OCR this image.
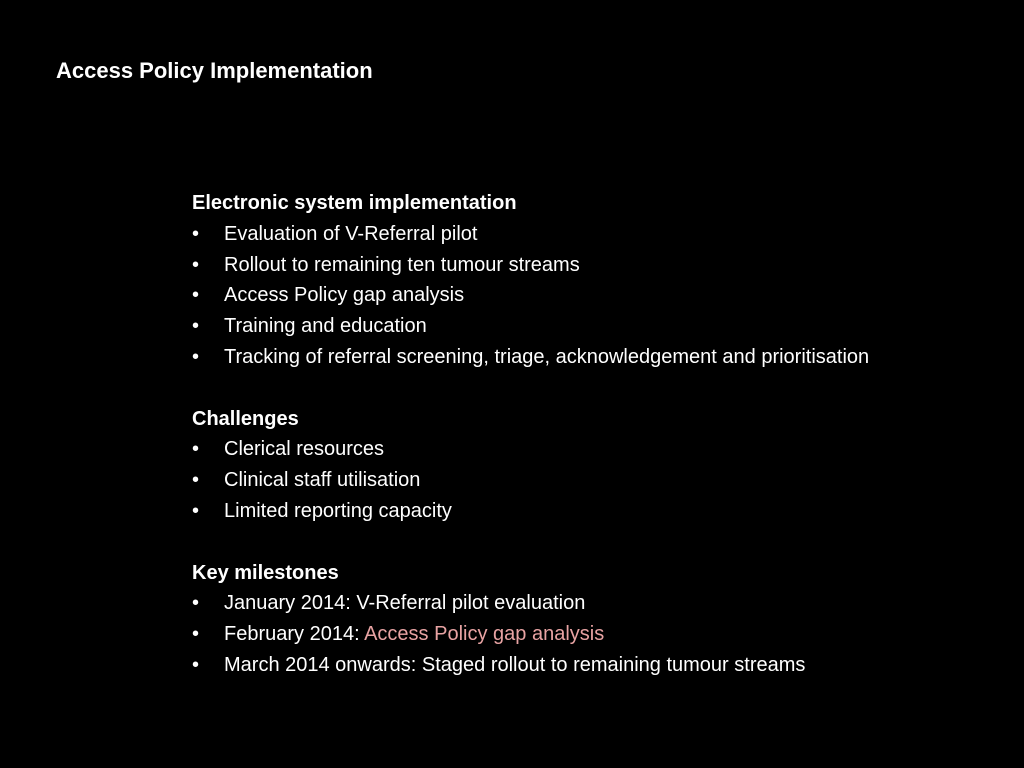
Access Policy Implementation
Electronic system implementation
• Evaluation of V-Referral pilot
• Rollout to remaining ten tumour streams
• Access Policy gap analysis
• Training and education
• Tracking of referral screening, triage, acknowledgement and prioritisation
Challenges
• Clerical resources
• Clinical staff utilisation
• Limited reporting capacity
Key milestones
• January 2014: V-Referral pilot evaluation
• February 2014: Access Policy gap analysis
• March 2014 onwards: Staged rollout to remaining tumour streams
